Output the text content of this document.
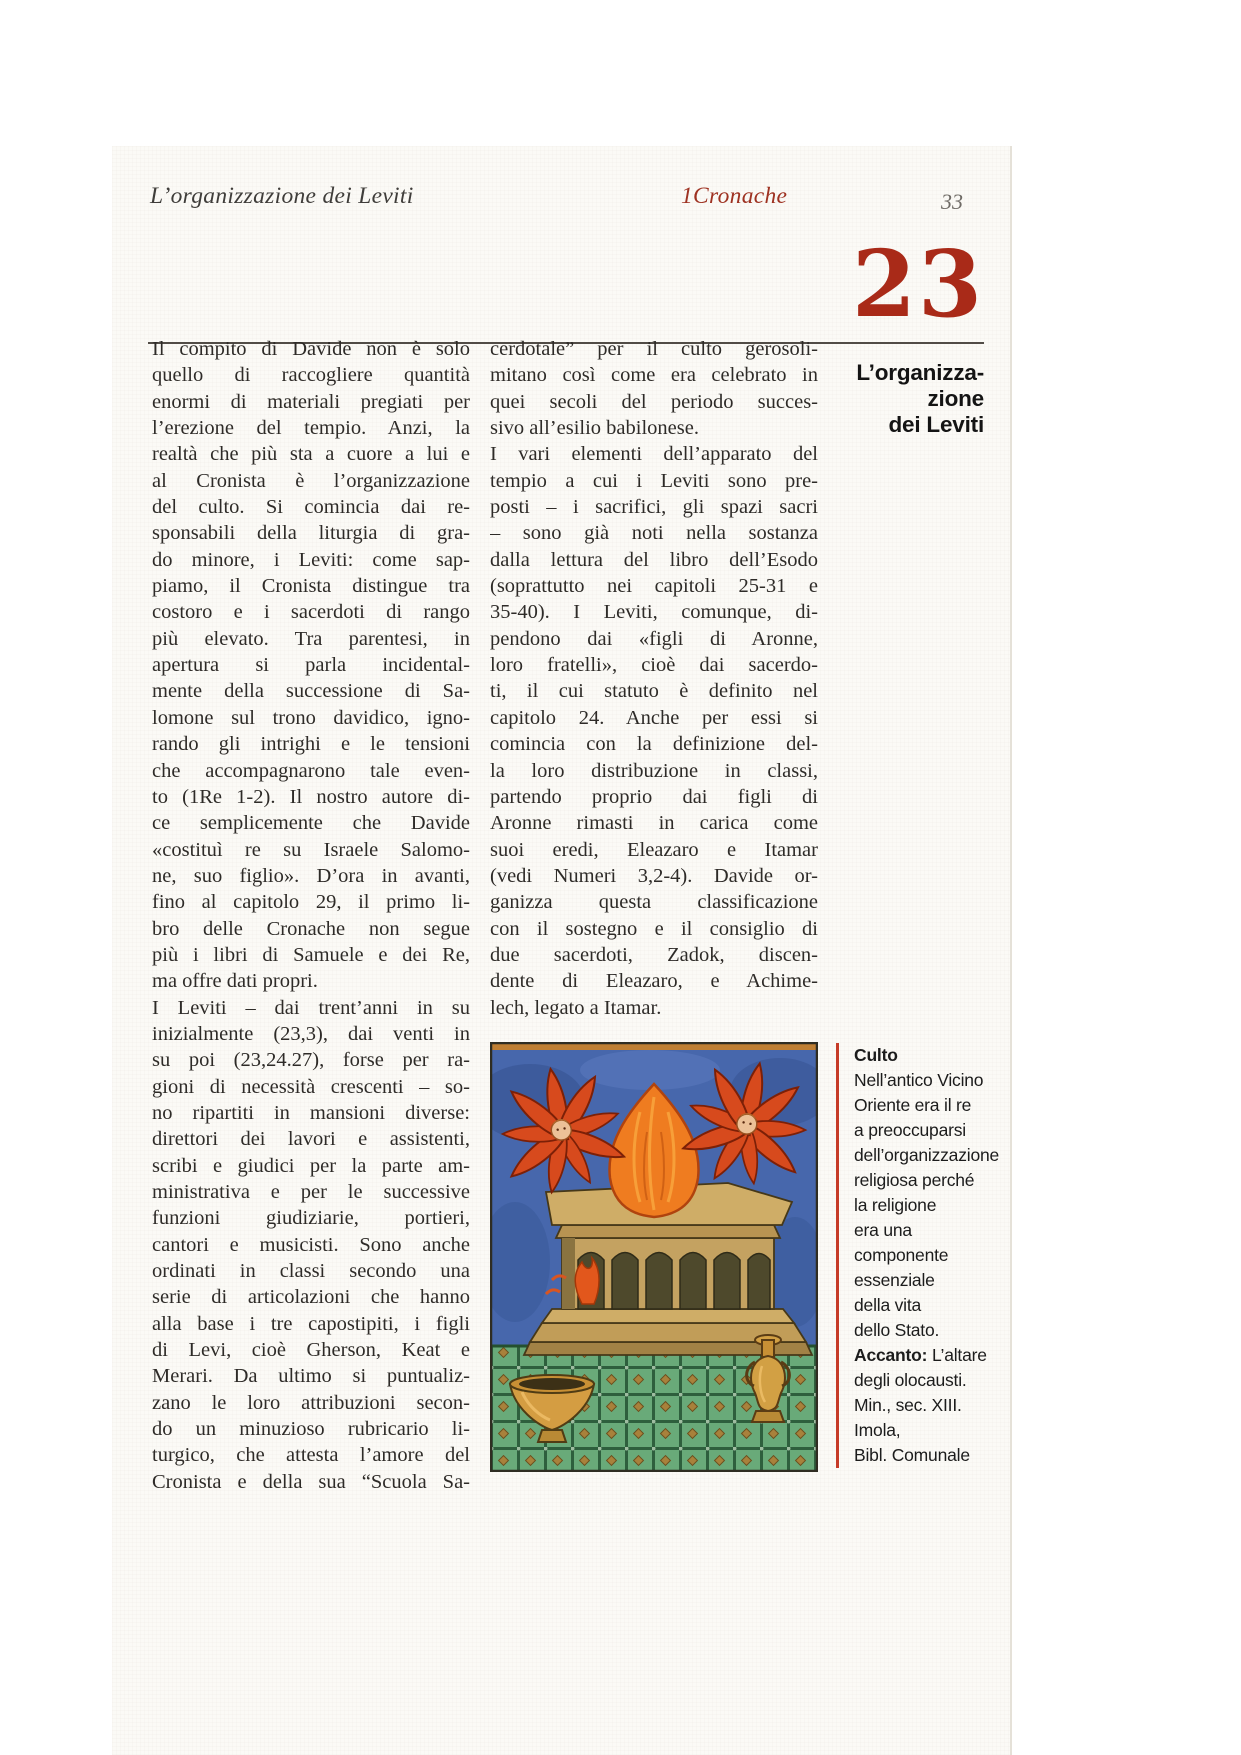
L’organizzazione dei Leviti	1Cronache	33
23
L’organizza-
zione
dei Leviti
Il compito di Davide non è solo
quello di raccogliere quantità
enormi di materiali pregiati per
l’erezione del tempio. Anzi, la
realtà che più sta a cuore a lui e
al Cronista è l’organizzazione
del culto. Si comincia dai re-
sponsabili della liturgia di gra-
do minore, i Leviti: come sap-
piamo, il Cronista distingue tra
costoro e i sacerdoti di rango
più elevato. Tra parentesi, in
apertura si parla incidental-
mente della successione di Sa-
lomone sul trono davidico, igno-
rando gli intrighi e le tensioni
che accompagnarono tale even-
to (1Re 1-2). Il nostro autore di-
ce semplicemente che Davide
«costituì re su Israele Salomo-
ne, suo figlio». D’ora in avanti,
fino al capitolo 29, il primo li-
bro delle Cronache non segue
più i libri di Samuele e dei Re,
ma offre dati propri.
I Leviti – dai trent’anni in su
inizialmente (23,3), dai venti in
su poi (23,24.27), forse per ra-
gioni di necessità crescenti – so-
no ripartiti in mansioni diverse:
direttori dei lavori e assistenti,
scribi e giudici per la parte am-
ministrativa e per le successive
funzioni giudiziarie, portieri,
cantori e musicisti. Sono anche
ordinati in classi secondo una
serie di articolazioni che hanno
alla base i tre capostipiti, i figli
di Levi, cioè Gherson, Keat e
Merari. Da ultimo si puntualiz-
zano le loro attribuzioni secon-
do un minuzioso rubricario li-
turgico, che attesta l’amore del
Cronista e della sua “Scuola Sa-
cerdotale” per il culto gerosoli-
mitano così come era celebrato in
quei secoli del periodo succes-
sivo all’esilio babilonese.
I vari elementi dell’apparato del
tempio a cui i Leviti sono pre-
posti – i sacrifici, gli spazi sacri
– sono già noti nella sostanza
dalla lettura del libro dell’Esodo
(soprattutto nei capitoli 25-31 e
35-40). I Leviti, comunque, di-
pendono dai «figli di Aronne,
loro fratelli», cioè dai sacerdo-
ti, il cui statuto è definito nel
capitolo 24. Anche per essi si
comincia con la definizione del-
la loro distribuzione in classi,
partendo proprio dai figli di
Aronne rimasti in carica come
suoi eredi, Eleazaro e Itamar
(vedi Numeri 3,2-4). Davide or-
ganizza questa classificazione
con il sostegno e il consiglio di
due sacerdoti, Zadok, discen-
dente di Eleazaro, e Achime-
lech, legato a Itamar.
Culto
Nell’antico Vicino
Oriente era il re
a preoccuparsi
dell’organizzazione
religiosa perché
la religione
era una
componente
essenziale
della vita
dello Stato.
Accanto: L’altare
degli olocausti.
Min., sec. XIII.
Imola,
Bibl. Comunale
